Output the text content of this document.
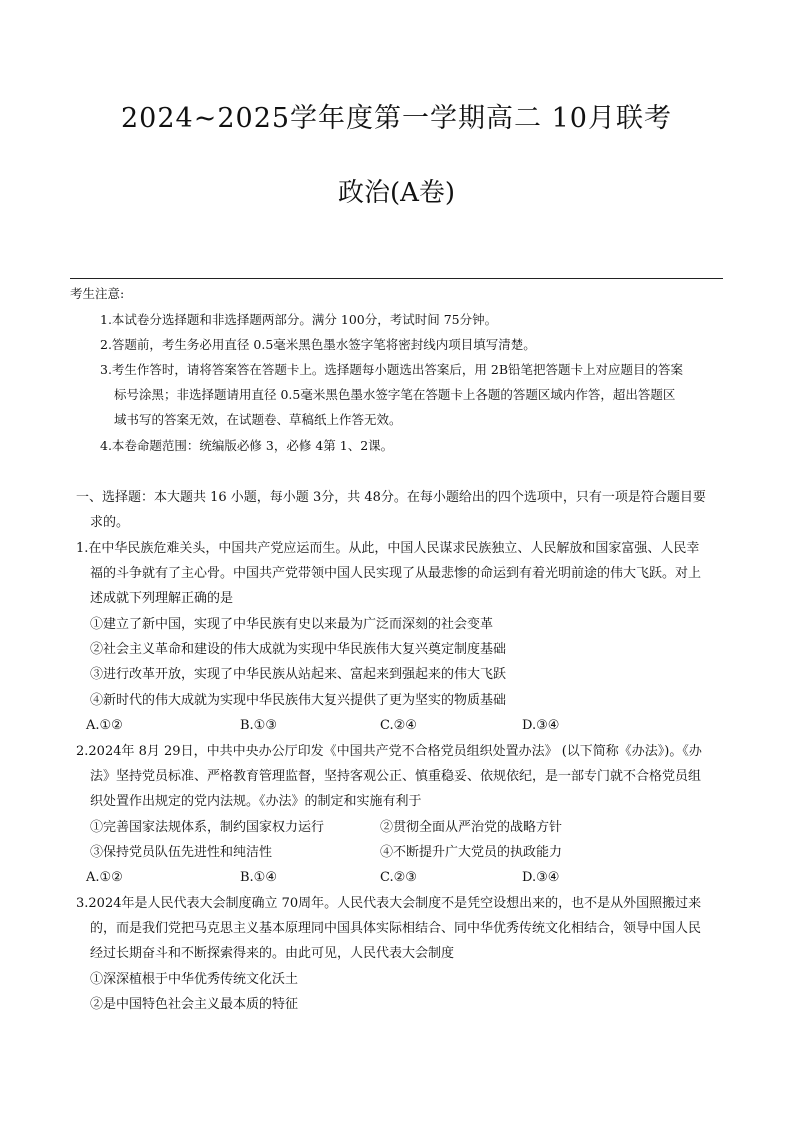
2024~2025学年度第一学期高二 10月联考
政治(A卷)
考生注意:
1.本试卷分选择题和非选择题两部分。满分 100分，考试时间 75分钟。
2.答题前，考生务必用直径 0.5毫米黑色墨水签字笔将密封线内项目填写清楚。
3.考生作答时，请将答案答在答题卡上。选择题每小题选出答案后，用 2B铅笔把答题卡上对应题目的答案
标号涂黑；非选择题请用直径 0.5毫米黑色墨水签字笔在答题卡上各题的答题区域内作答，超出答题区
域书写的答案无效，在试题卷、草稿纸上作答无效。
4.本卷命题范围：统编版必修 3，必修 4第 1、2课。
一、选择题：本大题共 16 小题，每小题 3分，共 48分。在每小题给出的四个选项中，只有一项是符合题目要
求的。
1.在中华民族危难关头，中国共产党应运而生。从此，中国人民谋求民族独立、人民解放和国家富强、人民幸
福的斗争就有了主心骨。中国共产党带领中国人民实现了从最悲惨的命运到有着光明前途的伟大飞跃。对上
述成就下列理解正确的是
①建立了新中国，实现了中华民族有史以来最为广泛而深刻的社会变革
②社会主义革命和建设的伟大成就为实现中华民族伟大复兴奠定制度基础
③进行改革开放，实现了中华民族从站起来、富起来到强起来的伟大飞跃
④新时代的伟大成就为实现中华民族伟大复兴提供了更为坚实的物质基础
A.①②	B.①③	C.②④	D.③④
2.2024年 8月 29日，中共中央办公厅印发《中国共产党不合格党员组织处置办法》 (以下简称《办法》)。《办
法》坚持党员标准、严格教育管理监督，坚持客观公正、慎重稳妥、依规依纪，是一部专门就不合格党员组
织处置作出规定的党内法规。《办法》的制定和实施有利于
①完善国家法规体系，制约国家权力运行	②贯彻全面从严治党的战略方针
③保持党员队伍先进性和纯洁性	④不断提升广大党员的执政能力
A.①②	B.①④	C.②③	D.③④
3.2024年是人民代表大会制度确立 70周年。人民代表大会制度不是凭空设想出来的，也不是从外国照搬过来
的，而是我们党把马克思主义基本原理同中国具体实际相结合、同中华优秀传统文化相结合，领导中国人民
经过长期奋斗和不断探索得来的。由此可见，人民代表大会制度
①深深植根于中华优秀传统文化沃土
②是中国特色社会主义最本质的特征
